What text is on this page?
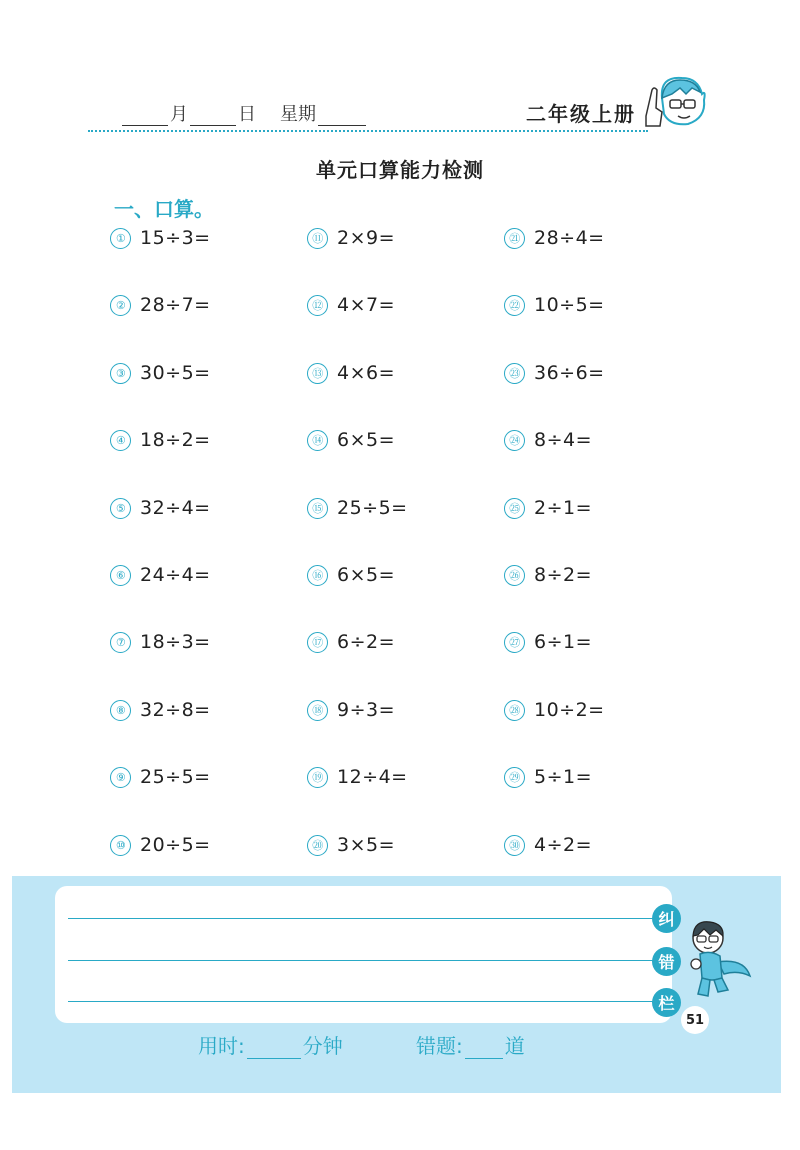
月	日 星期	二年级上册
单元口算能力检测
一、口算。
① 15÷3=
② 28÷7=
③ 30÷5=
④ 18÷2=
⑤ 32÷4=
⑥ 24÷4=
⑦ 18÷3=
⑧ 32÷8=
⑨ 25÷5=
⑩ 20÷5=
⑪ 2×9=
⑫ 4×7=
⑬ 4×6=
⑭ 6×5=
⑮ 25÷5=
⑯ 6×5=
⑰ 6÷2=
⑱ 9÷3=
⑲ 12÷4=
⑳ 3×5=
㉑ 28÷4=
㉒ 10÷5=
㉓ 36÷6=
㉔ 8÷4=
㉕ 2÷1=
㉖ 8÷2=
㉗ 6÷1=
㉘ 10÷2=
㉙ 5÷1=
㉚ 4÷2=
纠
错
栏
51
用时:	分钟	错题: 道
